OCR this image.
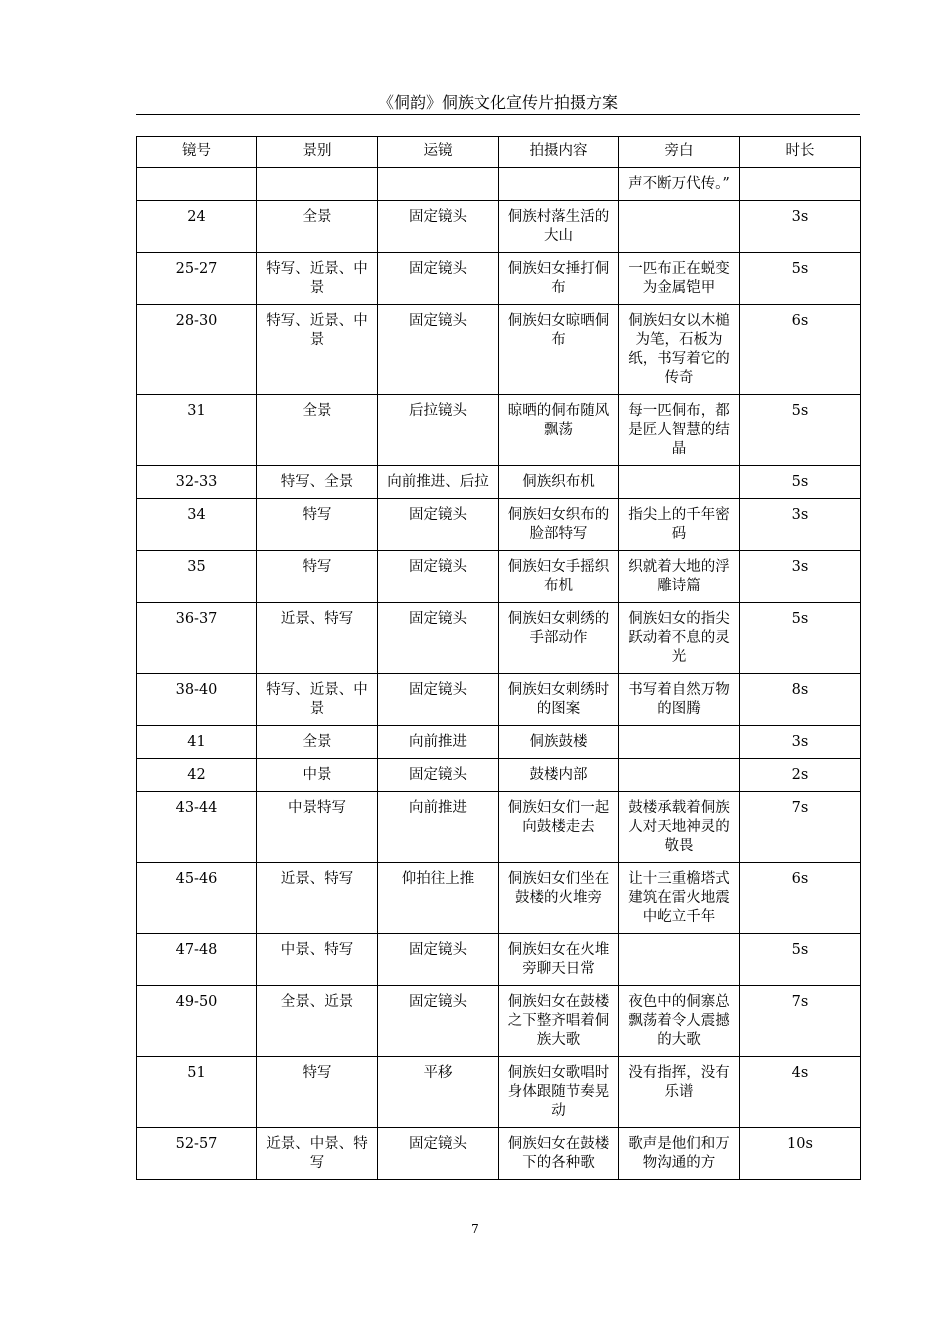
《侗韵》侗族文化宣传片拍摄方案
镜号	景别	运镜	拍摄内容	旁白	时长
				声不断万代传。”	
24	全景	固定镜头	侗族村落生活的大山		3s
25-27	特写、近景、中景	固定镜头	侗族妇女捶打侗布	一匹布正在蜕变为金属铠甲	5s
28-30	特写、近景、中景	固定镜头	侗族妇女晾晒侗布	侗族妇女以木槌为笔，石板为纸，书写着它的传奇	6s
31	全景	后拉镜头	晾晒的侗布随风飘荡	每一匹侗布，都是匠人智慧的结晶	5s
32-33	特写、全景	向前推进、后拉	侗族织布机		5s
34	特写	固定镜头	侗族妇女织布的脸部特写	指尖上的千年密码	3s
35	特写	固定镜头	侗族妇女手摇织布机	织就着大地的浮雕诗篇	3s
36-37	近景、特写	固定镜头	侗族妇女刺绣的手部动作	侗族妇女的指尖跃动着不息的灵光	5s
38-40	特写、近景、中景	固定镜头	侗族妇女刺绣时的图案	书写着自然万物的图腾	8s
41	全景	向前推进	侗族鼓楼		3s
42	中景	固定镜头	鼓楼内部		2s
43-44	中景特写	向前推进	侗族妇女们一起向鼓楼走去	鼓楼承载着侗族人对天地神灵的敬畏	7s
45-46	近景、特写	仰拍往上推	侗族妇女们坐在鼓楼的火堆旁	让十三重檐塔式建筑在雷火地震中屹立千年	6s
47-48	中景、特写	固定镜头	侗族妇女在火堆旁聊天日常		5s
49-50	全景、近景	固定镜头	侗族妇女在鼓楼之下整齐唱着侗族大歌	夜色中的侗寨总飘荡着令人震撼的大歌	7s
51	特写	平移	侗族妇女歌唱时身体跟随节奏晃动	没有指挥，没有乐谱	4s
52-57	近景、中景、特写	固定镜头	侗族妇女在鼓楼下的各种歌	歌声是他们和万物沟通的方	10s
7
